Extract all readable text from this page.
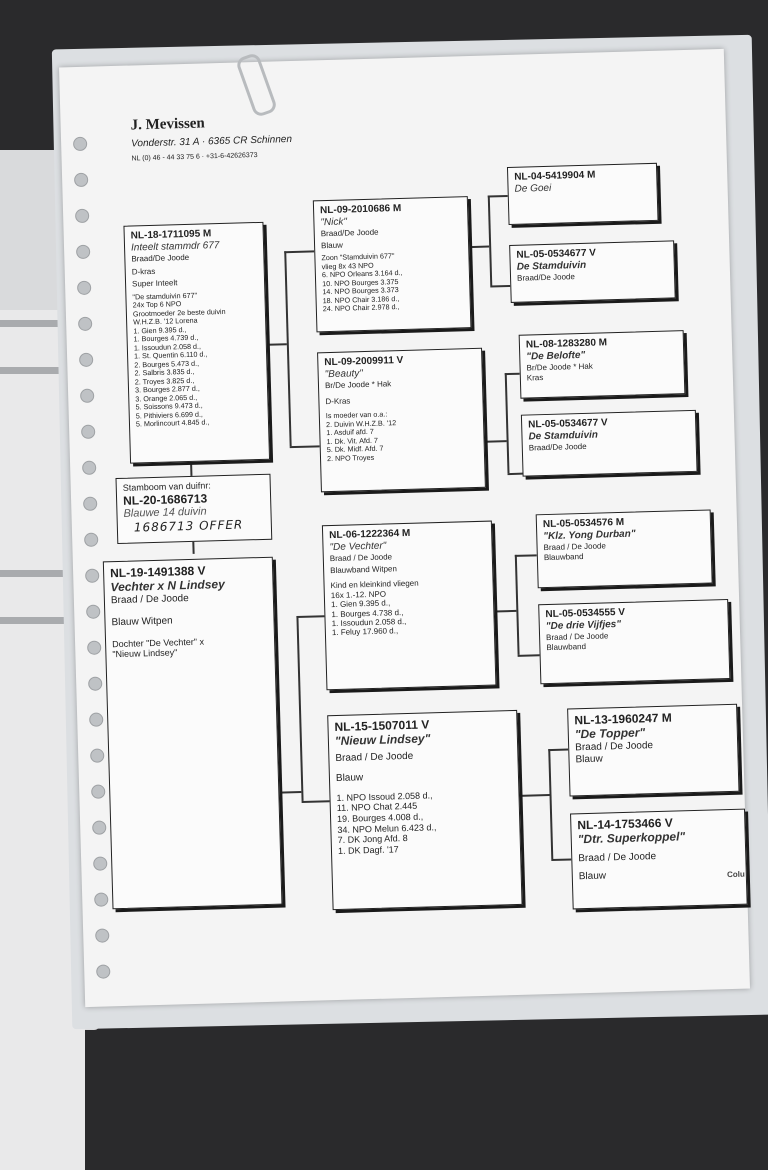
J. Mevissen
Vonderstr. 31 A · 6365 CR Schinnen
NL (0) 46 - 44 33 75 6 · +31-6-42626373
NL-18-1711095 M
Inteelt stammdr 677
Braad/De Joode
D-kras
Super Inteelt
"De stamduivin 677"
24x Top 6 NPO
Grootmoeder 2e beste duivin
W.H.Z.B. '12 Lorena
1. Gien 9.395 d.,
1. Bourges 4.739 d.,
1. Issoudun 2.058 d.,
1. St. Quentin 6.110 d.,
2. Bourges 5.473 d.,
2. Salbris 3.835 d.,
2. Troyes 3.825 d.,
3. Bourges 2.877 d.,
3. Orange 2.065 d.,
5. Soissons 9.473 d.,
5. Pithiviers 6.699 d.,
5. Morlincourt 4.845 d.,
Stamboom van duifnr:
NL-20-1686713
Blauwe 14 duivin
1686713 OFFER
NL-19-1491388 V
Vechter x N Lindsey
Braad / De Joode
Blauw Witpen
Dochter "De Vechter" x
"Nieuw Lindsey"
NL-09-2010686 M
"Nick"
Braad/De Joode
Blauw
Zoon "Stamduivin 677"
vlieg 8x 43 NPO
6. NPO Orleans 3.164 d.,
10. NPO Bourges 3.375
14. NPO Bourges 3.373
18. NPO Chair 3.186 d.,
24. NPO Chair 2.978 d.,
NL-09-2009911 V
"Beauty"
Br/De Joode * Hak
D-Kras
Is moeder van o.a.:
2. Duivin W.H.Z.B. '12
1. Asduif afd. 7
1. Dk. Vit. Afd. 7
5. Dk. Midf. Afd. 7
2. NPO Troyes
NL-06-1222364 M
"De Vechter"
Braad / De Joode
Blauwband Witpen
Kind en kleinkind vliegen
16x 1.-12. NPO
1. Gien 9.395 d.,
1. Bourges 4.738 d.,
1. Issoudun 2.058 d.,
1. Feluy 17.960 d.,
NL-15-1507011 V
"Nieuw Lindsey"
Braad / De Joode
Blauw
1. NPO Issoud 2.058 d.,
11. NPO Chat 2.445
19. Bourges 4.008 d.,
34. NPO Melun 6.423 d.,
7. DK Jong Afd. 8
1. DK Dagf. '17
NL-04-5419904 M
De Goei
NL-05-0534677 V
De Stamduivin
Braad/De Joode
NL-08-1283280 M
"De Belofte"
Br/De Joode * Hak
Kras
NL-05-0534677 V
De Stamduivin
Braad/De Joode
NL-05-0534576 M
"Klz. Yong Durban"
Braad / De Joode
Blauwband
NL-05-0534555 V
"De drie Vijfjes"
Braad / De Joode
Blauwband
NL-13-1960247 M
"De Topper"
Braad / De Joode
Blauw
NL-14-1753466 V
"Dtr. Superkoppel"
Braad / De Joode
Blauw	Colu
